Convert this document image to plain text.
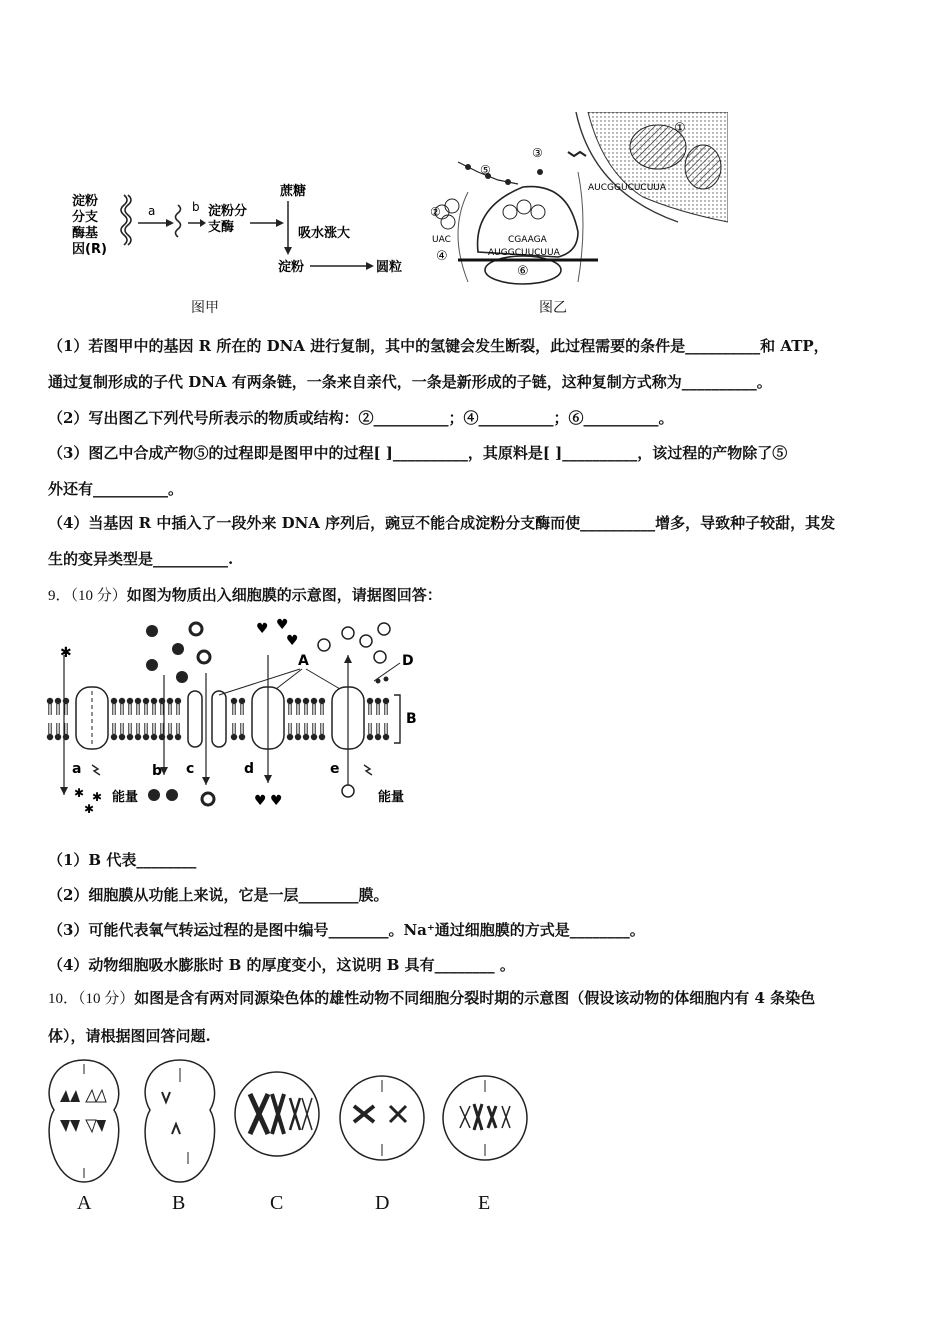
淀粉
分支
酶基
因(R)
a	b 淀粉分
支酶
蔗糖
吸水涨大
淀粉	圆粒
图甲
①
AUCGGUCUCUUA
⑥
AUGGCUUCUUA
④
UAC
②
CGAAGA
⑤
③
图乙
（1）若图甲中的基因 R 所在的 DNA 进行复制，其中的氢键会发生断裂，此过程需要的条件是__________和 ATP，
通过复制形成的子代 DNA 有两条链，一条来自亲代，一条是新形成的子链，这种复制方式称为__________。
（2）写出图乙下列代号所表示的物质或结构：②__________；④__________；⑥__________。
（3）图乙中合成产物⑤的过程即是图甲中的过程[ ]__________，其原料是[ ]__________，该过程的产物除了⑤
外还有__________。
（4）当基因 R 中插入了一段外来 DNA 序列后，豌豆不能合成淀粉分支酶而使__________增多，导致种子较甜，其发
生的变异类型是__________.
9．（10 分）如图为物质出入细胞膜的示意图，请据图回答：
B
A	D
♥ ♥
♥
✱
a	b c	d	e
能量	能量
✱ ✱
✱	♥ ♥
（1）B 代表________
（2）细胞膜从功能上来说，它是一层________膜。
（3）可能代表氧气转运过程的是图中编号________。Na⁺通过细胞膜的方式是________。
（4）动物细胞吸水膨胀时 B 的厚度变小，这说明 B 具有________ 。
10．（10 分）如图是含有两对同源染色体的雄性动物不同细胞分裂时期的示意图（假设该动物的体细胞内有 4 条染色
体），请根据图回答问题.
A	B	C	D	E
